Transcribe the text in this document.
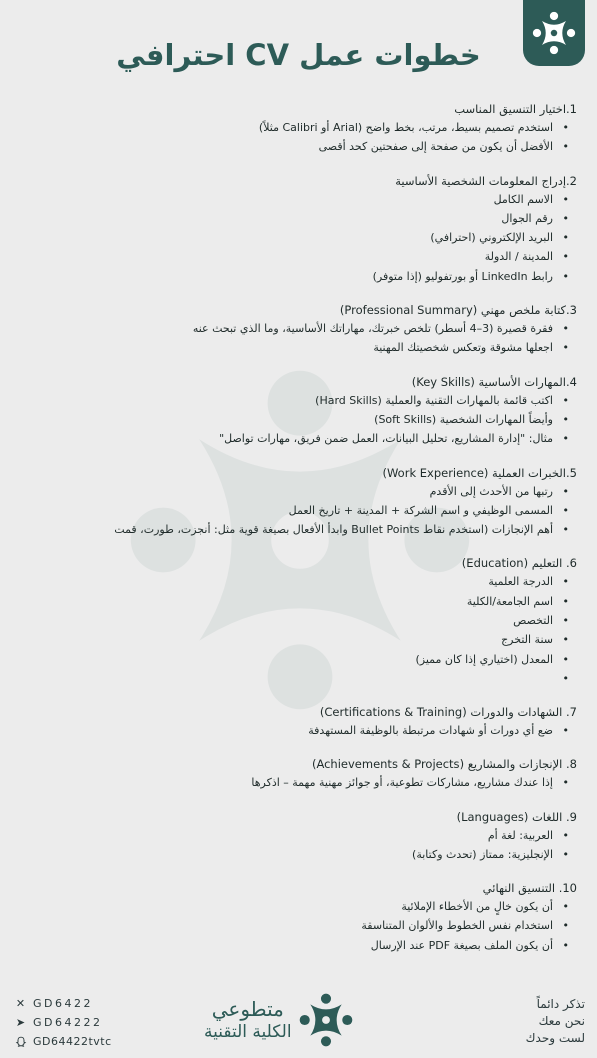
خطوات عمل CV احترافي
1.اختيار التنسيق المناسب
• استخدم تصميم بسيط، مرتب، بخط واضح (Arial أو Calibri مثلاً)
• الأفضل أن يكون من صفحة إلى صفحتين كحد أقصى
2.إدراج المعلومات الشخصية الأساسية
• الاسم الكامل
• رقم الجوال
• البريد الإلكتروني (احترافي)
• المدينة / الدولة
• رابط LinkedIn أو بورتفوليو (إذا متوفر)
3.كتابة ملخص مهني (Professional Summary)
• فقرة قصيرة (3–4 أسطر) تلخص خبرتك، مهاراتك الأساسية، وما الذي تبحث عنه
• اجعلها مشوقة وتعكس شخصيتك المهنية
4.المهارات الأساسية (Key Skills)
• اكتب قائمة بالمهارات التقنية والعملية (Hard Skills)
• وأيضاً المهارات الشخصية (Soft Skills)
• مثال: "إدارة المشاريع، تحليل البيانات، العمل ضمن فريق، مهارات تواصل"
5.الخبرات العملية (Work Experience)
• رتبها من الأحدث إلى الأقدم
• المسمى الوظيفي و اسم الشركة + المدينة + تاريخ العمل
• أهم الإنجازات (استخدم نقاط Bullet Points وابدأ الأفعال بصيغة قوية مثل: أنجزت، طورت، قمت
6. التعليم (Education)
• الدرجة العلمية
• اسم الجامعة/الكلية
• التخصص
• سنة التخرج
• المعدل (اختياري إذا كان مميز)
•
7. الشهادات والدورات (Certifications & Training)
• ضع أي دورات أو شهادات مرتبطة بالوظيفة المستهدفة
8. الإنجازات والمشاريع (Achievements & Projects)
• إذا عندك مشاريع، مشاركات تطوعية، أو جوائز مهنية مهمة – اذكرها
9. اللغات (Languages)
• العربية: لغة أم
• الإنجليزية: ممتاز (تحدث وكتابة)
10. التنسيق النهائي
• أن يكون خالٍ من الأخطاء الإملائية
• استخدام نفس الخطوط والألوان المتناسقة
• أن يكون الملف بصيغة PDF عند الإرسال
✕ GD6422
➤ GD64222
GD64422tvtc
متطوعي
الكلية التقنية
تذكر دائماً
نحن معك
لست وحدك
